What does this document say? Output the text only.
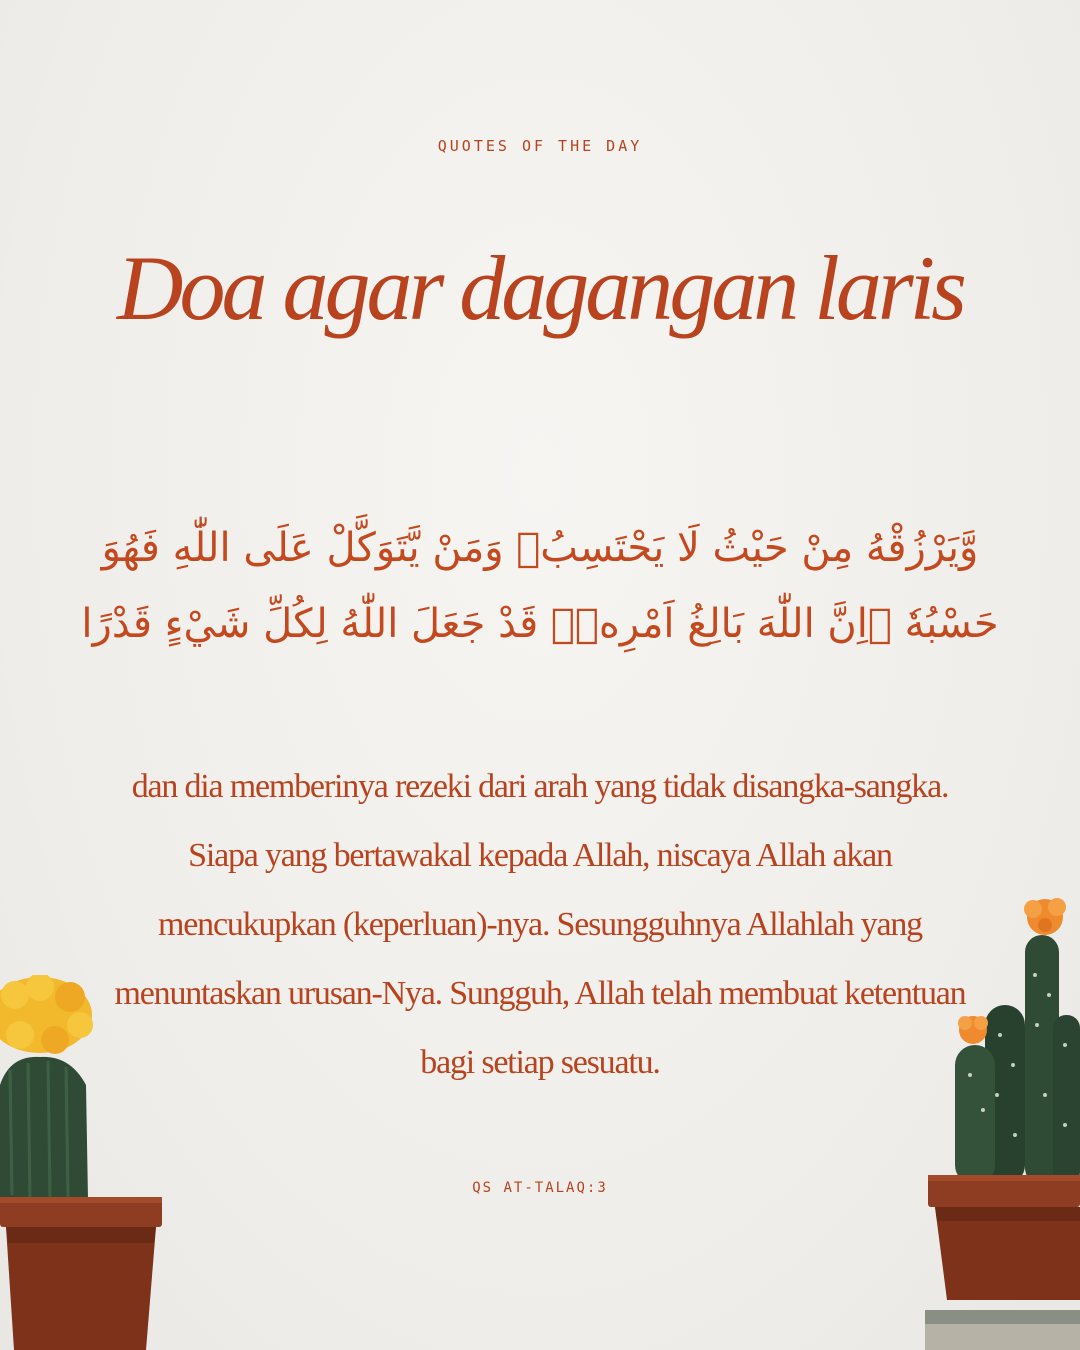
QUOTES OF THE DAY
Doa agar dagangan laris
وَّيَرْزُقْهُ مِنْ حَيْثُ لَا يَحْتَسِبُۗ وَمَنْ يَّتَوَكَّلْ عَلَى اللّٰهِ فَهُوَ حَسْبُهٗ ۗاِنَّ اللّٰهَ بَالِغُ اَمْرِهٖۗ قَدْ جَعَلَ اللّٰهُ لِكُلِّ شَيْءٍ قَدْرًا
dan dia memberinya rezeki dari arah yang tidak disangka-sangka. Siapa yang bertawakal kepada Allah, niscaya Allah akan mencukupkan (keperluan)-nya. Sesungguhnya Allahlah yang menuntaskan urusan-Nya. Sungguh, Allah telah membuat ketentuan bagi setiap sesuatu.
QS AT-TALAQ:3
